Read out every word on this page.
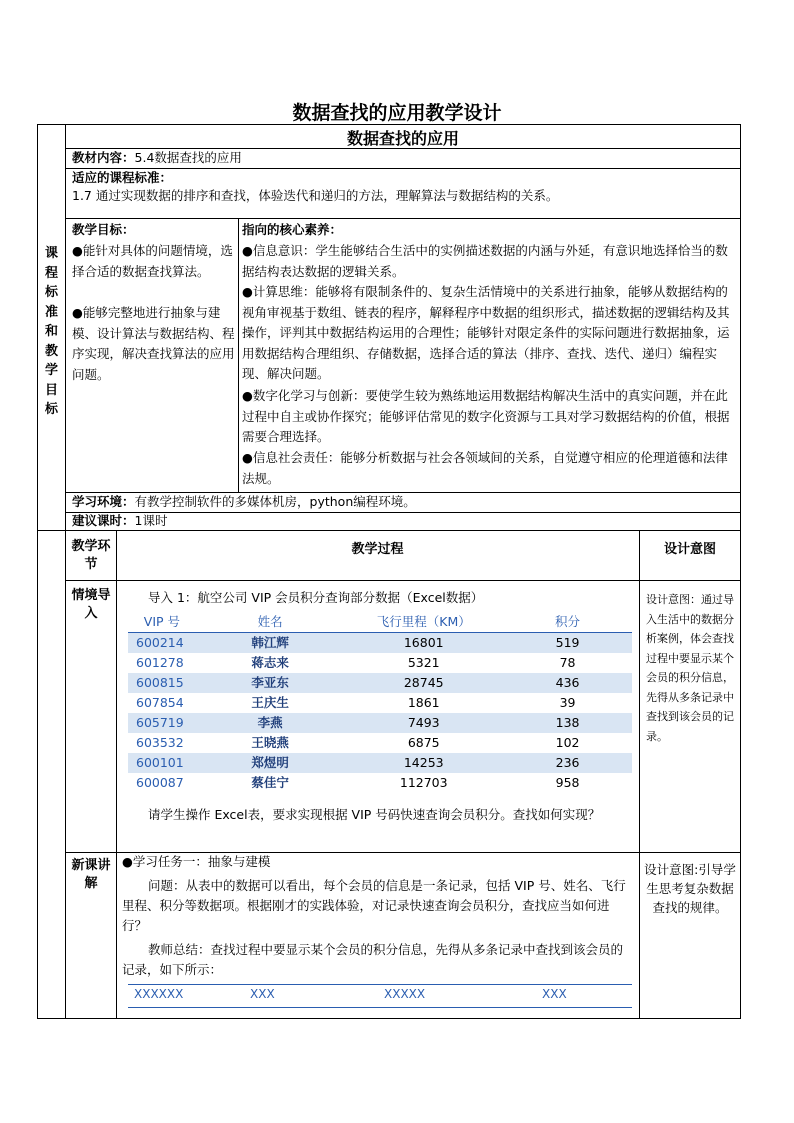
数据查找的应用教学设计
课
程
标
准
和
教
学
目
标
数据查找的应用
教材内容：5.4数据查找的应用
适应的课程标准：
1.7 通过实现数据的排序和查找，体验迭代和递归的方法，理解算法与数据结构的关系。
教学目标：
●能针对具体的问题情境，选择合适的数据查找算法。
●能够完整地进行抽象与建模、设计算法与数据结构、程序实现，解决查找算法的应用问题。
指向的核心素养：
●信息意识：学生能够结合生活中的实例描述数据的内涵与外延，有意识地选择恰当的数据结构表达数据的逻辑关系。
●计算思维：能够将有限制条件的、复杂生活情境中的关系进行抽象，能够从数据结构的视角审视基于数组、链表的程序，解释程序中数据的组织形式，描述数据的逻辑结构及其操作，评判其中数据结构运用的合理性；能够针对限定条件的实际问题进行数据抽象，运用数据结构合理组织、存储数据，选择合适的算法（排序、查找、迭代、递归）编程实现、解决问题。
●数字化学习与创新：要使学生较为熟练地运用数据结构解决生活中的真实问题，并在此过程中自主或协作探究；能够评估常见的数字化资源与工具对学习数据结构的价值，根据需要合理选择。
●信息社会责任：能够分析数据与社会各领域间的关系，自觉遵守相应的伦理道德和法律法规。
学习环境：有教学控制软件的多媒体机房，python编程环境。
建议课时：1课时
教学环节
教学过程	设计意图
情境导入
导入 1：航空公司 VIP 会员积分查询部分数据（Excel数据）
VIP 号	姓名	飞行里程（KM）	积分
600214	韩江辉	16801	519
601278	蒋志来	5321	78
600815	李亚东	28745	436
607854	王庆生	1861	39
605719	李燕	7493	138
603532	王晓燕	6875	102
600101	郑煜明	14253	236
600087	蔡佳宁	112703	958
请学生操作 Excel表，要求实现根据 VIP 号码快速查询会员积分。查找如何实现？
设计意图：通过导入生活中的数据分析案例，体会查找过程中要显示某个会员的积分信息，先得从多条记录中查找到该会员的记录。
新课讲解
●学习任务一：抽象与建模
问题：从表中的数据可以看出，每个会员的信息是一条记录，包括 VIP 号、姓名、飞行里程、积分等数据项。根据刚才的实践体验，对记录快速查询会员积分，查找应当如何进行？
教师总结：查找过程中要显示某个会员的积分信息，先得从多条记录中查找到该会员的记录，如下所示：
XXXXXX	XXX	XXXXX	XXX
设计意图:引导学生思考复杂数据查找的规律。
